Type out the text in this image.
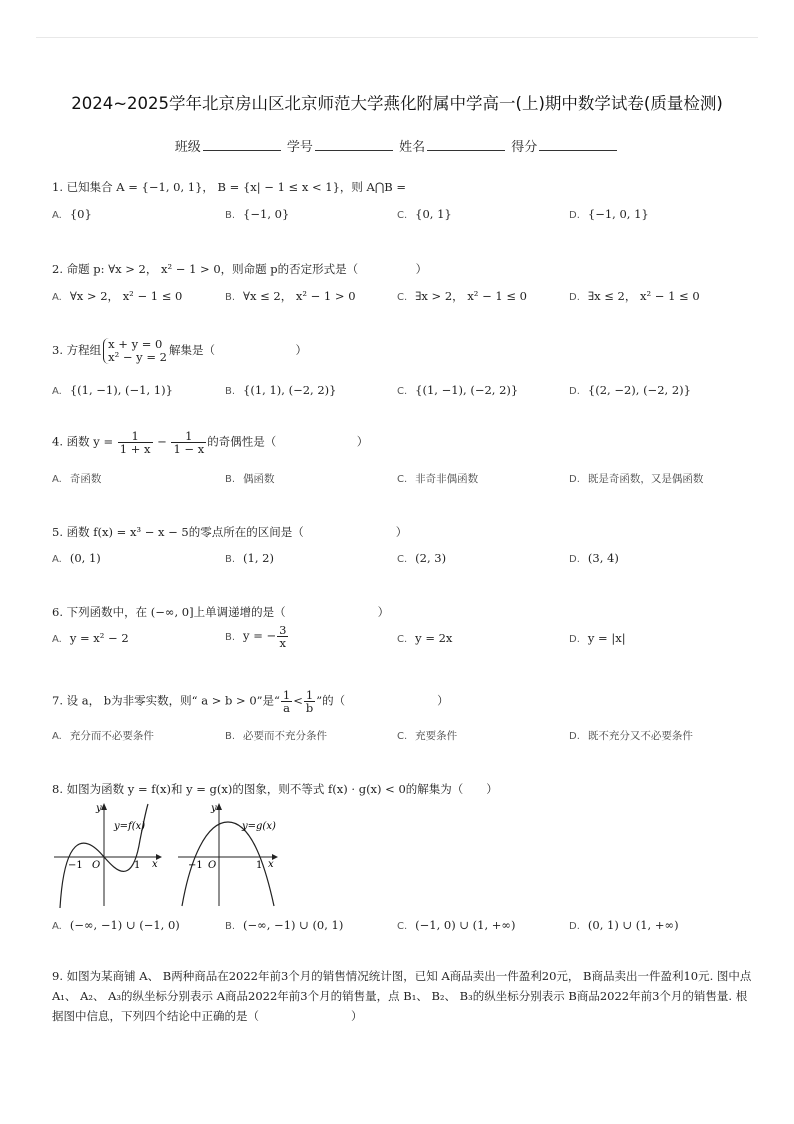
2024~2025学年北京房山区北京师范大学燕化附属中学高一(上)期中数学试卷(质量检测)
班级	学号	姓名	得分
1. 已知集合 A = {−1, 0, 1}， B = {x| − 1 ≤ x < 1}，则 A⋂B =
A. {0}	B. {−1, 0}	C. {0, 1}	D. {−1, 0, 1}
2. 命题 p: ∀x > 2， x² − 1 > 0，则命题 p的否定形式是（　　　　　）
A. ∀x > 2， x² − 1 ≤ 0	B. ∀x ≤ 2， x² − 1 > 0	C. ∃x > 2， x² − 1 ≤ 0	D. ∃x ≤ 2， x² − 1 ≤ 0
3. 方程组 x + y = 0
x² − y = 2 解集是（　　　　　　　）
A. {(1, −1), (−1, 1)}	B. {(1, 1), (−2, 2)}	C. {(1, −1), (−2, 2)}	D. {(2, −2), (−2, 2)}
4. 函数 $y = \frac{1}{1 + x} - \frac{1}{1 - x}$ 的奇偶性是（　　　　　　　）
A. 奇函数	B. 偶函数	C. 非奇非偶函数	D. 既是奇函数，又是偶函数
5. 函数 f(x) = x³ − x − 5的零点所在的区间是（　　　　　　　　）
A. (0, 1)	B. (1, 2)	C. (2, 3)	D. (3, 4)
6. 下列函数中，在 (−∞, 0]上单调递增的是（　　　　　　　　）
A. y = x² − 2	B. y = − $\frac{3}{x}$	C. y = 2x	D. y = |x|
7. 设 a， b为非零实数，则“ a > b > 0”是“ $\frac{1}{a} < \frac{1}{b}$ ”的（　　　　　　　　）
A. 充分而不必要条件	B. 必要而不充分条件	C. 充要条件	D. 既不充分又不必要条件
8. 如图为函数 y = f(x)和 y = g(x)的图象，则不等式 f(x) · g(x) < 0的解集为（　　）
x
y
O
−1	1
y=f(x)
x
y
O
−1	1
y=g(x)
A. (−∞, −1) ∪ (−1, 0)	B. (−∞, −1) ∪ (0, 1)	C. (−1, 0) ∪ (1, +∞)	D. (0, 1) ∪ (1, +∞)
9. 如图为某商铺 A、 B两种商品在2022年前3个月的销售情况统计图，已知 A商品卖出一件盈利20元， B商品卖出一件盈利10元. 图中点 A₁、 A₂、 A₃的纵坐标分别表示 A商品2022年前3个月的销售量，点 B₁、 B₂、 B₃的纵坐标分别表示 B商品2022年前3个月的销售量. 根据图中信息，下列四个结论中正确的是（　　　　　　　　）
